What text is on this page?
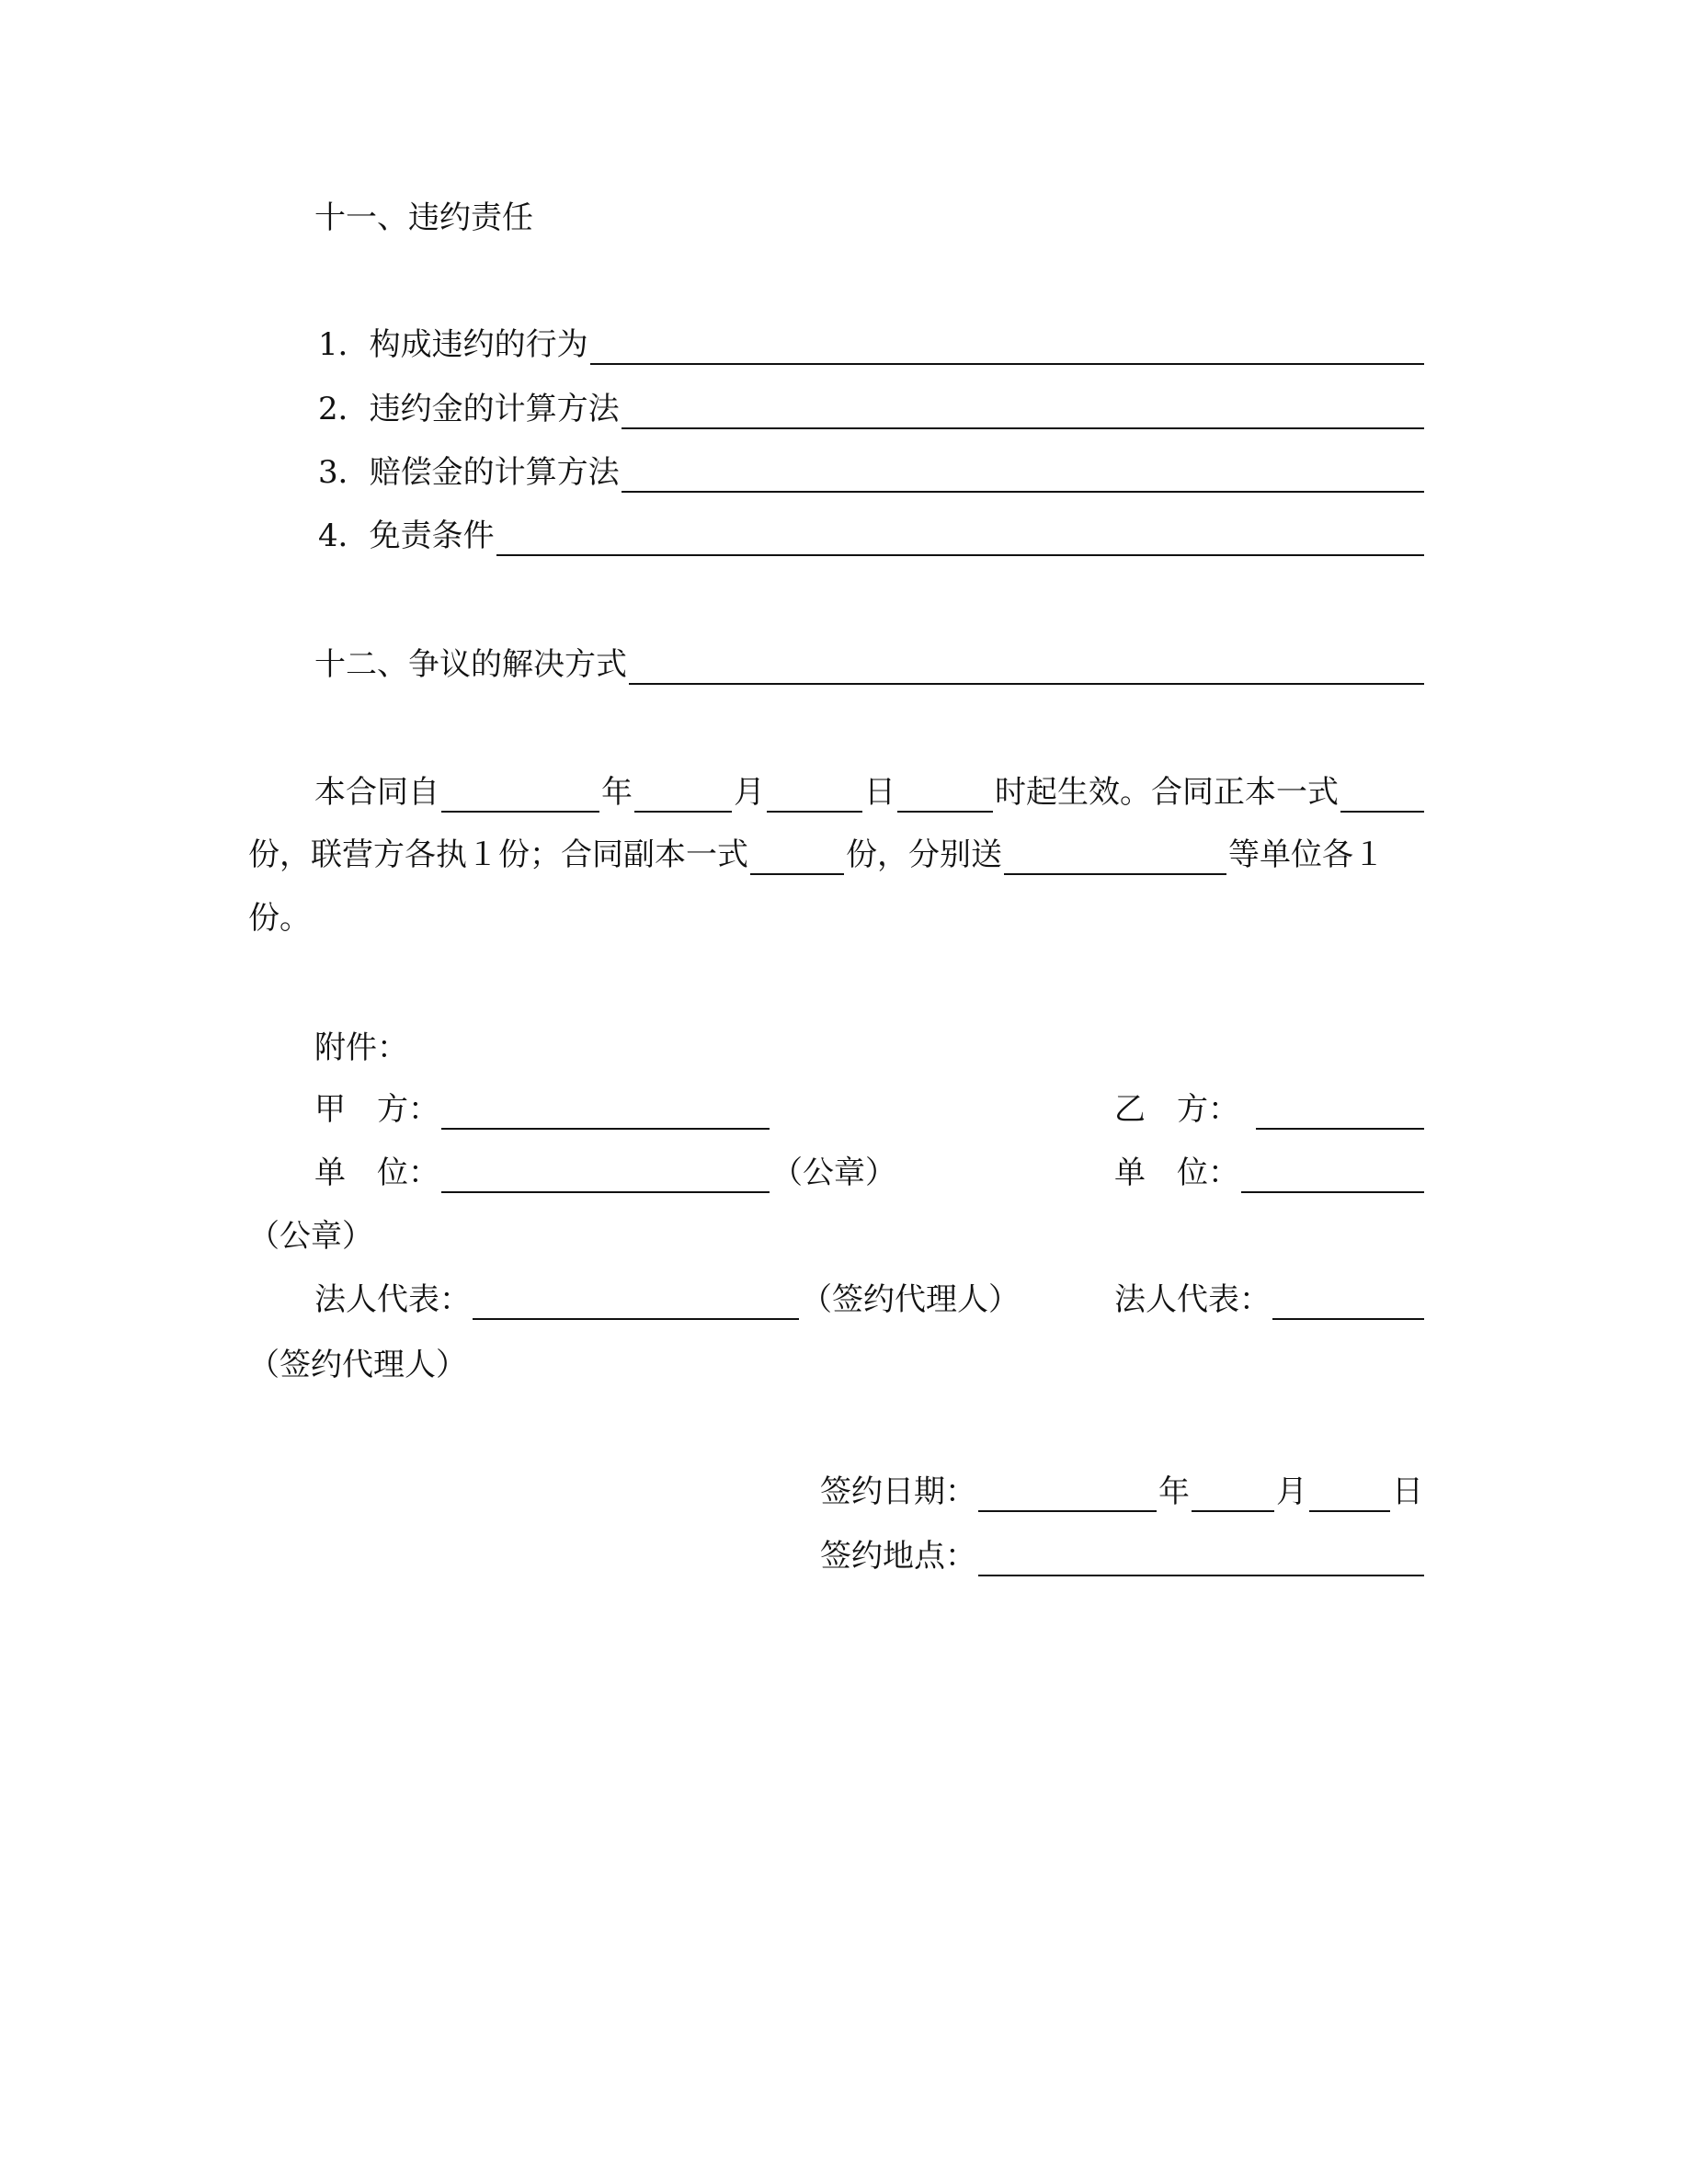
十一、违约责任
1． 构成违约的行为
2． 违约金的计算方法
3． 赔偿金的计算方法
4． 免责条件
十二、争议的解决方式
本合同自	年	月	日	时起生效。合同正本一式
份，联营方各执１份；合同副本一式	份，分别送	等单位各１
份。
附件：
甲　方：	乙　方：
单　位：	（公章）	单　位：
（公章）
法人代表：	（签约代理人）	法人代表：
（签约代理人）
签约日期：	年	月	日
签约地点：
